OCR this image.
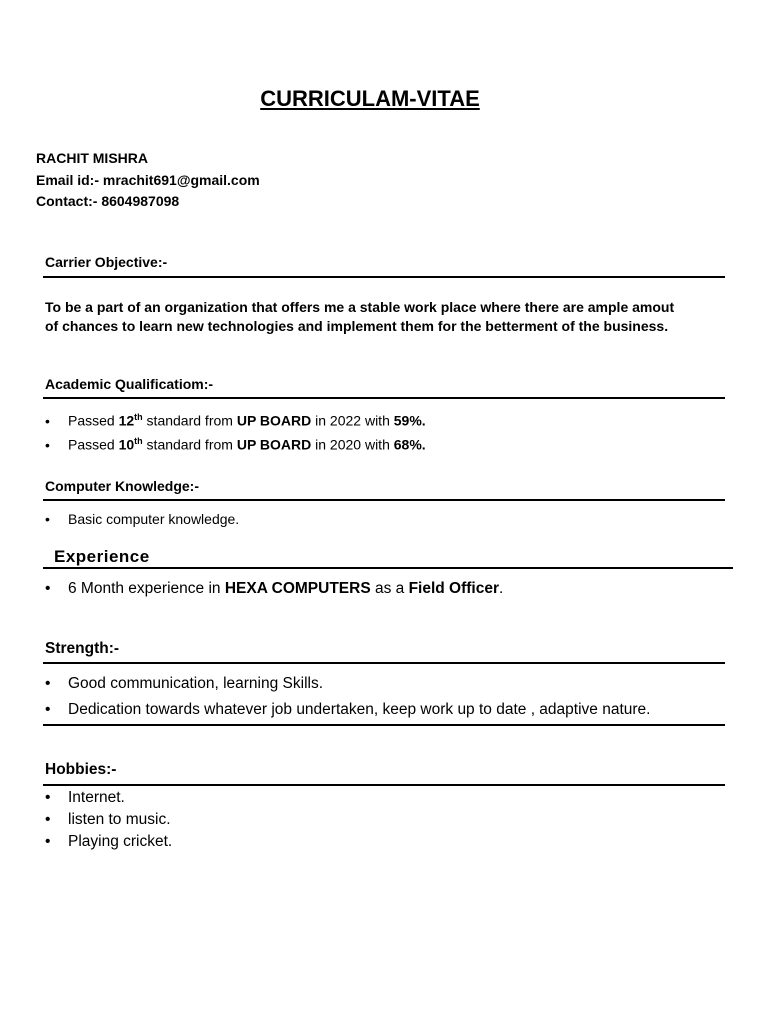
CURRICULAM-VITAE
RACHIT MISHRA
Email id:- mrachit691@gmail.com
Contact:- 8604987098
Carrier Objective:-
To be a part of an organization that offers me a stable work place where there are ample amout
of chances to learn new technologies and implement them for the betterment of the business.
Academic Qualificatiom:-
• Passed 12th standard from UP BOARD in 2022 with 59%.
• Passed 10th standard from UP BOARD in 2020 with 68%.
Computer Knowledge:-
• Basic computer knowledge.
Experience
• 6 Month experience in HEXA COMPUTERS as a Field Officer.
Strength:-
• Good communication, learning Skills.
• Dedication towards whatever job undertaken, keep work up to date , adaptive nature.
Hobbies:-
• Internet.
• listen to music.
• Playing cricket.
